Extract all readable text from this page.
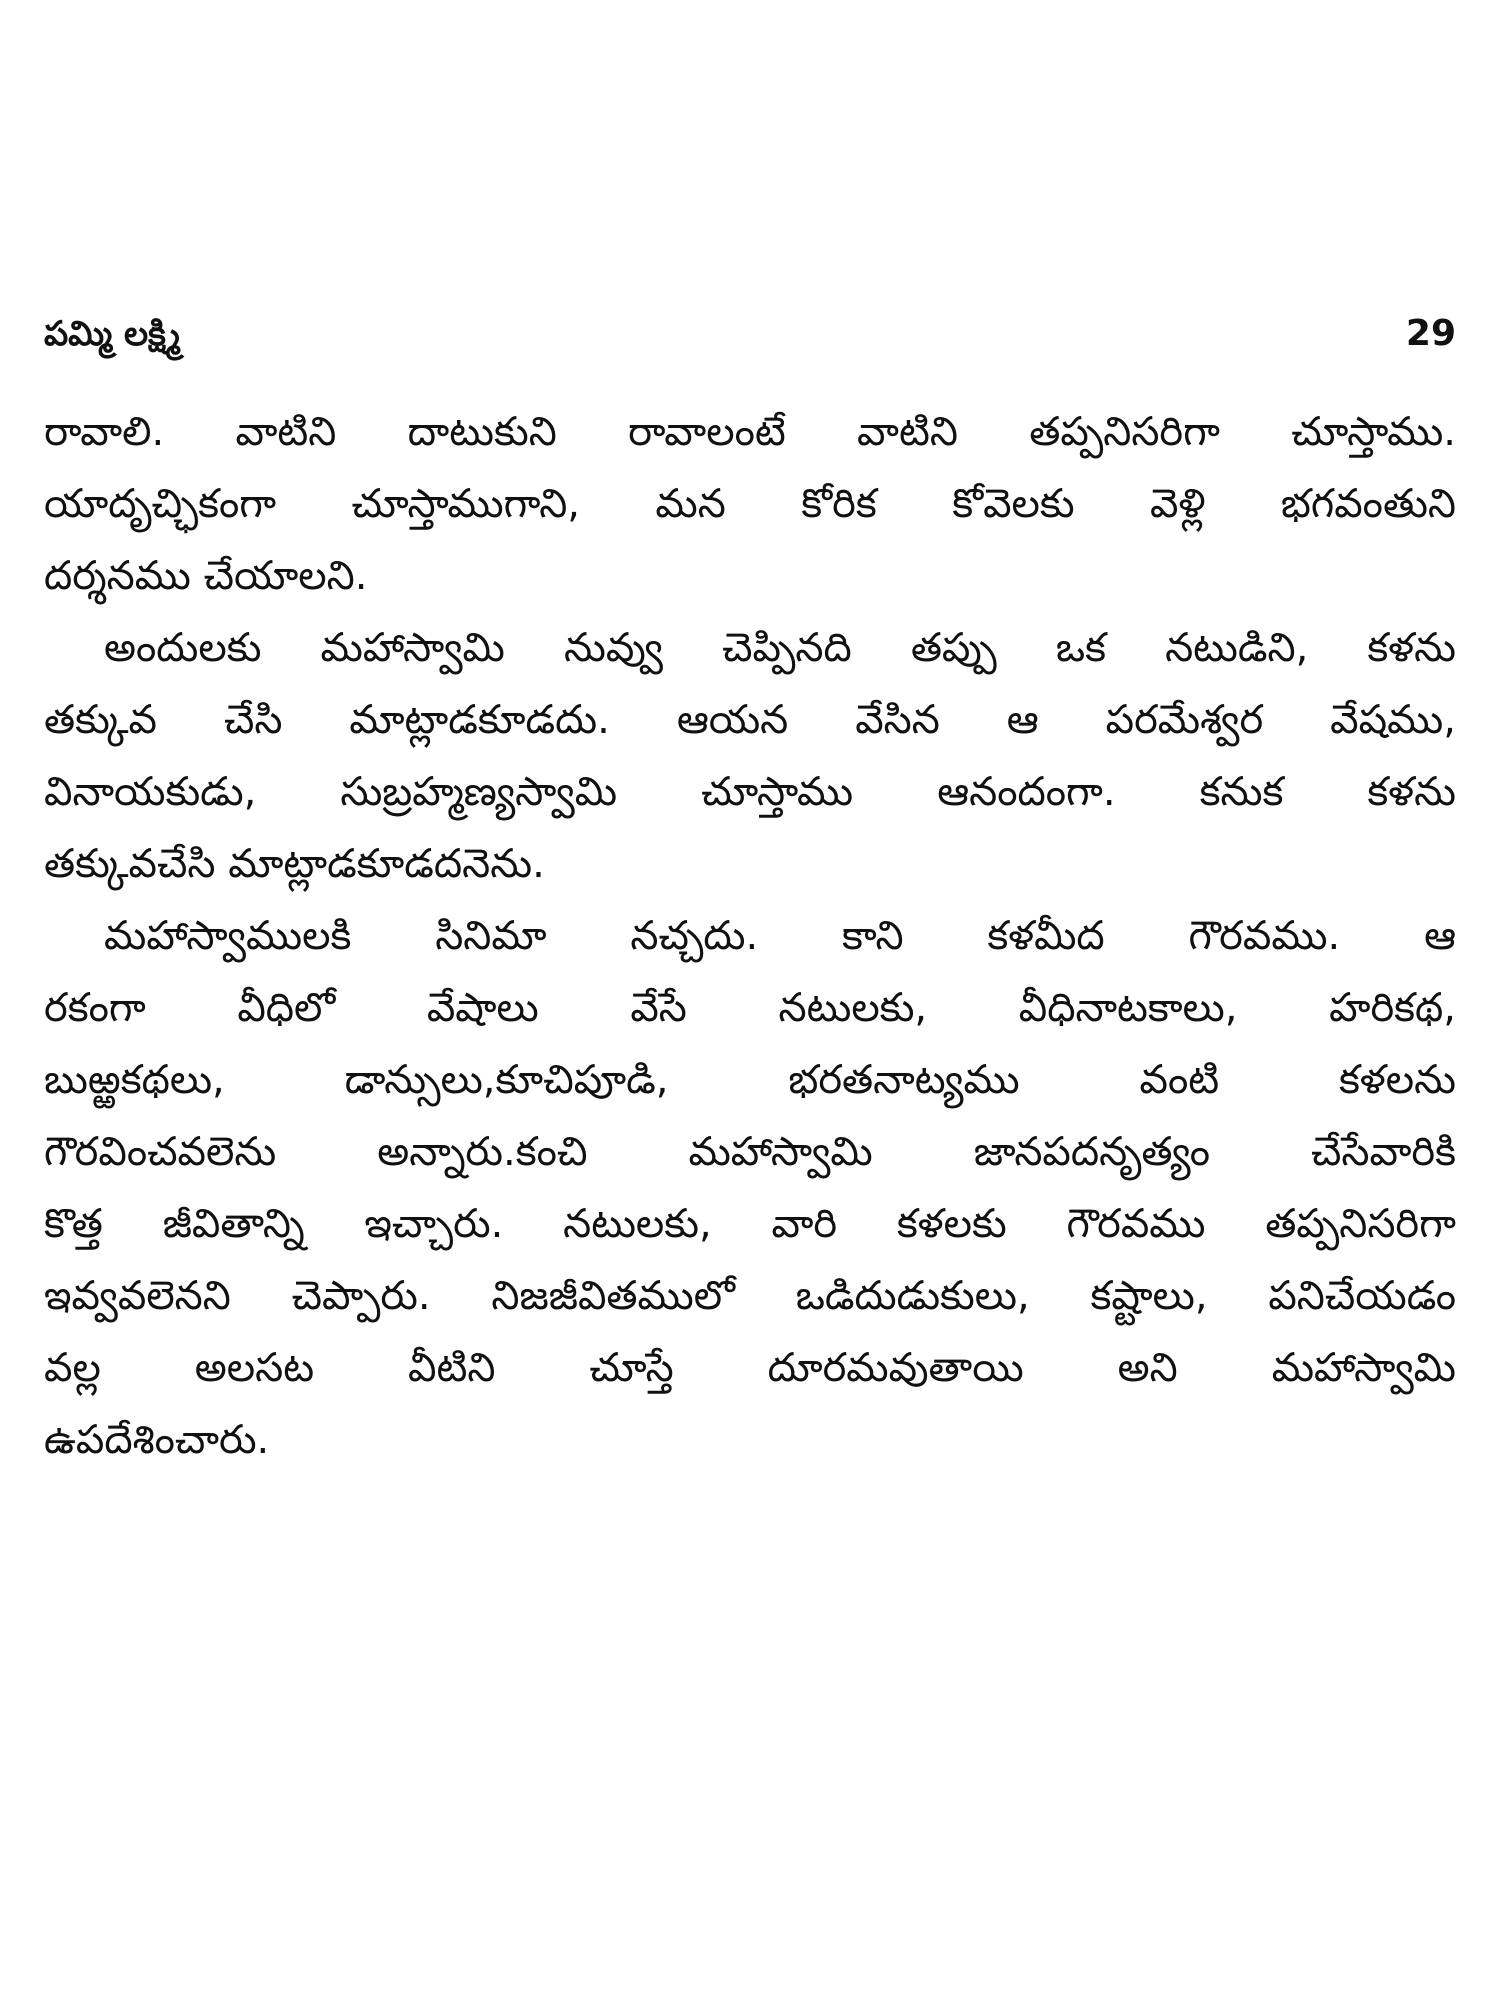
పమ్మి లక్ష్మి	29
రావాలి. వాటిని దాటుకుని రావాలంటే వాటిని తప్పనిసరిగా చూస్తాము.
యాదృచ్ఛికంగా చూస్తాముగాని, మన కోరిక కోవెలకు వెళ్లి భగవంతుని
దర్శనము చేయాలని.
అందులకు మహాస్వామి నువ్వు చెప్పినది తప్పు ఒక నటుడిని, కళను
తక్కువ చేసి మాట్లాడకూడదు. ఆయన వేసిన ఆ పరమేశ్వర వేషము,
వినాయకుడు, సుబ్రహ్మణ్యస్వామి చూస్తాము ఆనందంగా. కనుక కళను
తక్కువచేసి మాట్లాడకూడదనెను.
మహాస్వాములకి సినిమా నచ్చదు. కాని కళమీద గౌరవము. ఆ
రకంగా వీధిలో వేషాలు వేసే నటులకు, వీధినాటకాలు, హరికథ,
బుఱ్ఱకథలు, డాన్సులు,కూచిపూడి, భరతనాట్యము వంటి కళలను
గౌరవించవలెను అన్నారు.కంచి మహాస్వామి జానపదనృత్యం చేసేవారికి
కొత్త జీవితాన్ని ఇచ్చారు. నటులకు, వారి కళలకు గౌరవము తప్పనిసరిగా
ఇవ్వవలెనని చెప్పారు. నిజజీవితములో ఒడిదుడుకులు, కష్టాలు, పనిచేయడం
వల్ల అలసట వీటిని చూస్తే దూరమవుతాయి అని మహాస్వామి
ఉపదేశించారు.
